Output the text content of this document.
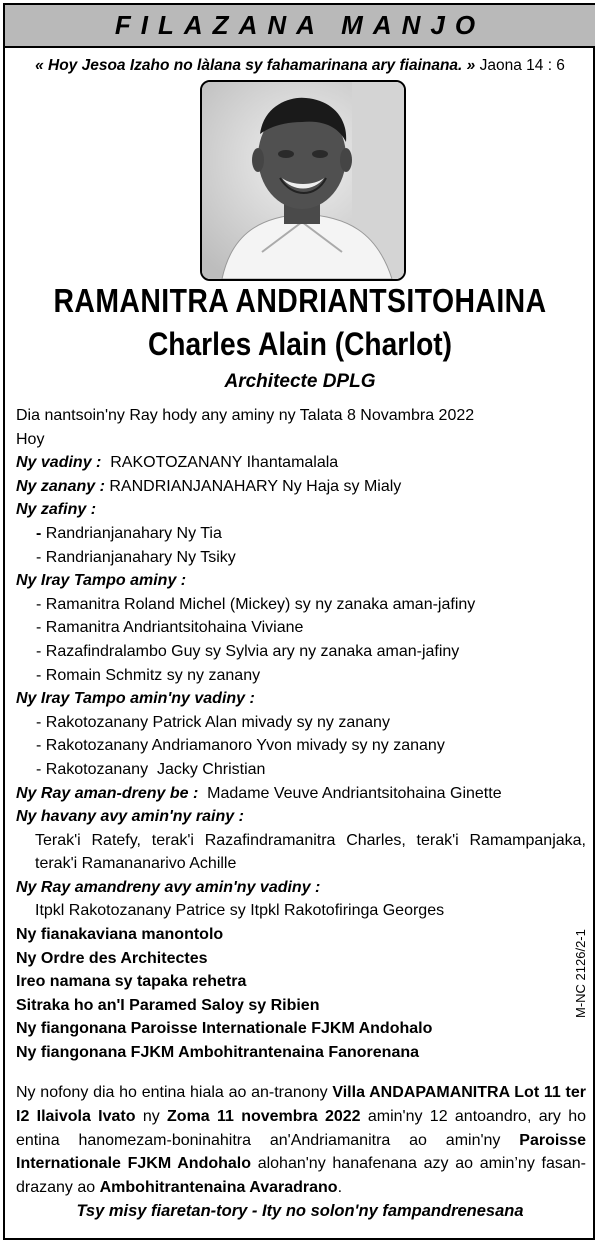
FILAZANA MANJO
« Hoy Jesoa Izaho no làlana sy fahamarinana ary fiainana. » Jaona 14 : 6
RAMANITRA ANDRIANTSITOHAINA
Charles Alain (Charlot)
Architecte DPLG
Dia nantsoin'ny Ray hody any aminy ny Talata 8 Novambra 2022
Hoy
Ny vadiny :  RAKOTOZANANY Ihantamalala
Ny zanany : RANDRIANJANAHARY Ny Haja sy Mialy
Ny zafiny :
- Randrianjanahary Ny Tia
- Randrianjanahary Ny Tsiky
Ny Iray Tampo aminy :
- Ramanitra Roland Michel (Mickey) sy ny zanaka aman-jafiny
- Ramanitra Andriantsitohaina Viviane
- Razafindralambo Guy sy Sylvia ary ny zanaka aman-jafiny
- Romain Schmitz sy ny zanany
Ny Iray Tampo amin'ny vadiny :
- Rakotozanany Patrick Alan mivady sy ny zanany
- Rakotozanany Andriamanoro Yvon mivady sy ny zanany
- Rakotozanany  Jacky Christian
Ny Ray aman-dreny be :  Madame Veuve Andriantsitohaina Ginette
Ny havany avy amin'ny rainy :
Terak'i Ratefy, terak'i Razafindramanitra Charles, terak'i Ramampanjaka, terak'i Ramananarivo Achille
Ny Ray amandreny avy amin'ny vadiny :
Itpkl Rakotozanany Patrice sy Itpkl Rakotofiringa Georges
Ny fianakaviana manontolo
Ny Ordre des Architectes
Ireo namana sy tapaka rehetra
Sitraka ho an'I Paramed Saloy sy Ribien
Ny fiangonana Paroisse Internationale FJKM Andohalo
Ny fiangonana FJKM Ambohitrantenaina Fanorenana
Ny nofony dia ho entina hiala ao an-tranony Villa ANDAPAMANITRA Lot 11 ter I2 Ilaivola Ivato ny Zoma 11 novembra 2022 amin'ny 12 antoandro, ary ho entina hanomezam-boninahitra an'Andriamanitra ao amin'ny Paroisse Internationale FJKM Andohalo alohan'ny hanafenana azy ao amin’ny fasan-drazany ao Ambohitrantenaina Avaradrano.
Tsy misy fiaretan-tory - Ity no solon'ny fampandrenesana
M-NC 2126/2-1
